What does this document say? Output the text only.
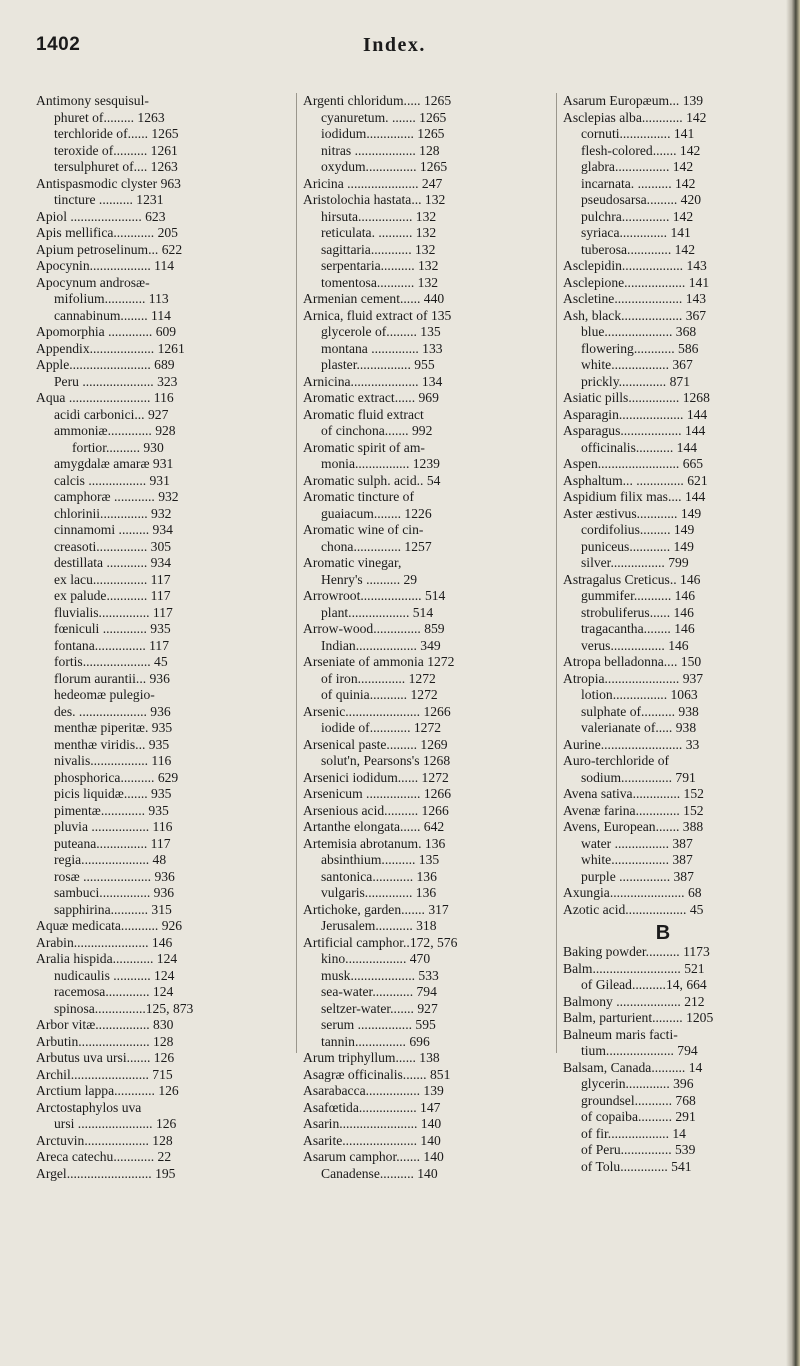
1402	Index.
Antimony sesquisul-
phuret of......... 1263
terchloride of...... 1265
teroxide of.......... 1261
tersulphuret of.... 1263
Antispasmodic clyster 963
tincture .......... 1231
Apiol ..................... 623
Apis mellifica............ 205
Apium petroselinum... 622
Apocynin.................. 114
Apocynum androsæ-
mifolium............ 113
cannabinum........ 114
Apomorphia ............. 609
Appendix................... 1261
Apple........................ 689
Peru ..................... 323
Aqua ........................ 116
acidi carbonici... 927
ammoniæ............. 928
fortior.......... 930
amygdalæ amaræ 931
calcis ................. 931
camphoræ ............ 932
chlorinii.............. 932
cinnamomi ......... 934
creasoti............... 305
destillata ............ 934
ex lacu................ 117
ex palude............ 117
fluvialis............... 117
fœniculi ............. 935
fontana............... 117
fortis.................... 45
florum aurantii... 936
hedeomæ pulegio-
des. .................... 936
menthæ piperitæ. 935
menthæ viridis... 935
nivalis................. 116
phosphorica.......... 629
picis liquidæ....... 935
pimentæ............. 935
pluvia ................. 116
puteana............... 117
regia.................... 48
rosæ .................... 936
sambuci............... 936
sapphirina........... 315
Aquæ medicata........... 926
Arabin...................... 146
Aralia hispida............ 124
nudicaulis ........... 124
racemosa............. 124
spinosa...............125, 873
Arbor vitæ................ 830
Arbutin..................... 128
Arbutus uva ursi....... 126
Archil....................... 715
Arctium lappa............ 126
Arctostaphylos uva
ursi ...................... 126
Arctuvin................... 128
Areca catechu............ 22
Argel......................... 195
Argenti chloridum..... 1265
cyanuretum. ....... 1265
iodidum.............. 1265
nitras .................. 128
oxydum............... 1265
Aricina ..................... 247
Aristolochia hastata... 132
hirsuta................ 132
reticulata. .......... 132
sagittaria............ 132
serpentaria.......... 132
tomentosa........... 132
Armenian cement...... 440
Arnica, fluid extract of 135
glycerole of......... 135
montana .............. 133
plaster................ 955
Arnicina.................... 134
Aromatic extract...... 969
Aromatic fluid extract
of cinchona....... 992
Aromatic spirit of am-
monia................ 1239
Aromatic sulph. acid.. 54
Aromatic tincture of
guaiacum........ 1226
Aromatic wine of cin-
chona.............. 1257
Aromatic vinegar,
Henry's .......... 29
Arrowroot.................. 514
plant.................. 514
Arrow-wood.............. 859
Indian.................. 349
Arseniate of ammonia 1272
of iron.............. 1272
of quinia........... 1272
Arsenic...................... 1266
iodide of............ 1272
Arsenical paste......... 1269
solut'n, Pearsons's 1268
Arsenici iodidum...... 1272
Arsenicum ................ 1266
Arsenious acid.......... 1266
Artanthe elongata...... 642
Artemisia abrotanum. 136
absinthium.......... 135
santonica............ 136
vulgaris.............. 136
Artichoke, garden....... 317
Jerusalem........... 318
Artificial camphor..172, 576
kino.................. 470
musk................... 533
sea-water............ 794
seltzer-water....... 927
serum ................ 595
tannin............... 696
Arum triphyllum...... 138
Asagræ officinalis....... 851
Asarabacca................ 139
Asafœtida................. 147
Asarin....................... 140
Asarite...................... 140
Asarum camphor....... 140
Canadense.......... 140
Asarum Europæum... 139
Asclepias alba............ 142
cornuti............... 141
flesh-colored....... 142
glabra................ 142
incarnata. .......... 142
pseudosarsa......... 420
pulchra.............. 142
syriaca.............. 141
tuberosa............. 142
Asclepidin.................. 143
Asclepione.................. 141
Ascletine.................... 143
Ash, black.................. 367
blue.................... 368
flowering............ 586
white................. 367
prickly.............. 871
Asiatic pills............... 1268
Asparagin................... 144
Asparagus.................. 144
officinalis........... 144
Aspen........................ 665
Asphaltum... .............. 621
Aspidium filix mas.... 144
Aster æstivus............ 149
cordifolius......... 149
puniceus............ 149
silver................ 799
Astragalus Creticus.. 146
gummifer........... 146
strobuliferus...... 146
tragacantha........ 146
verus................ 146
Atropa belladonna.... 150
Atropia...................... 937
lotion................ 1063
sulphate of.......... 938
valerianate of..... 938
Aurine........................ 33
Auro-terchloride of
sodium............... 791
Avena sativa.............. 152
Avenæ farina............. 152
Avens, European....... 388
water ................ 387
white................. 387
purple ............... 387
Axungia...................... 68
Azotic acid.................. 45
B
Baking powder.......... 1173
Balm.......................... 521
of Gilead..........14, 664
Balmony ................... 212
Balm, parturient......... 1205
Balneum maris facti-
tium.................... 794
Balsam, Canada.......... 14
glycerin............. 396
groundsel........... 768
of copaiba.......... 291
of fir.................. 14
of Peru............... 539
of Tolu.............. 541
